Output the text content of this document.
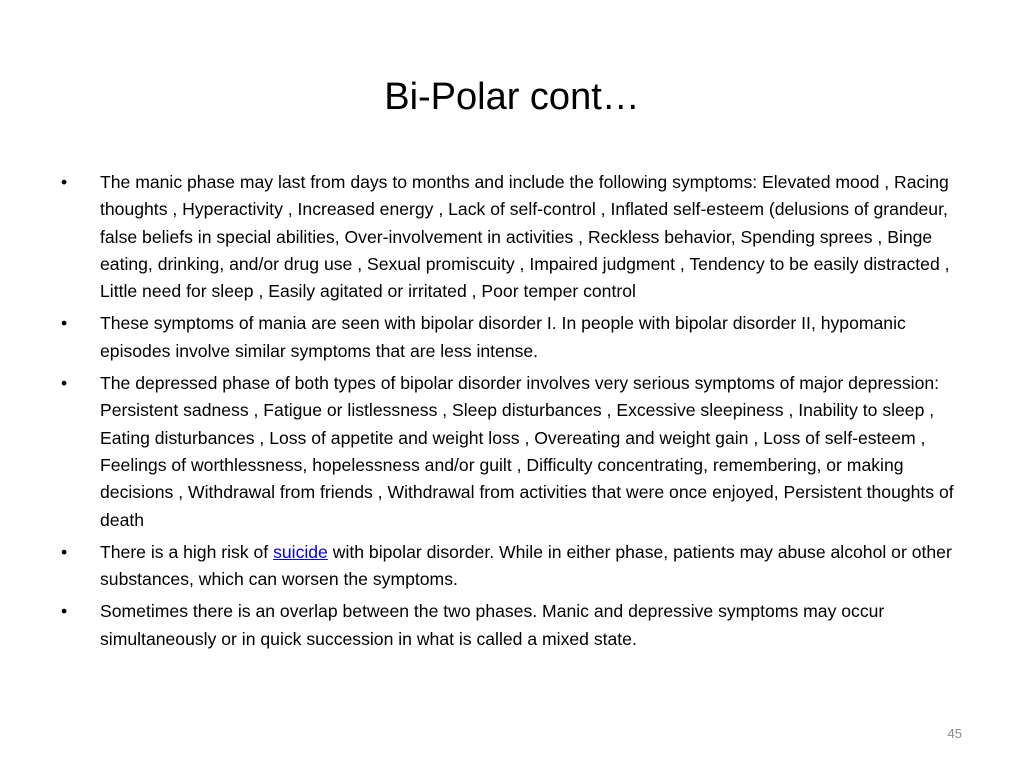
Bi-Polar cont…
• The manic phase may last from days to months and include the following symptoms: Elevated mood , Racing thoughts , Hyperactivity , Increased energy , Lack of self-control , Inflated self-esteem (delusions of grandeur, false beliefs in special abilities, Over-involvement in activities , Reckless behavior, Spending sprees , Binge eating, drinking, and/or drug use , Sexual promiscuity , Impaired judgment , Tendency to be easily distracted , Little need for sleep , Easily agitated or irritated , Poor temper control
• These symptoms of mania are seen with bipolar disorder I. In people with bipolar disorder II, hypomanic episodes involve similar symptoms that are less intense.
• The depressed phase of both types of bipolar disorder involves very serious symptoms of major depression: Persistent sadness , Fatigue or listlessness , Sleep disturbances , Excessive sleepiness , Inability to sleep , Eating disturbances , Loss of appetite and weight loss , Overeating and weight gain , Loss of self-esteem , Feelings of worthlessness, hopelessness and/or guilt , Difficulty concentrating, remembering, or making decisions , Withdrawal from friends , Withdrawal from activities that were once enjoyed, Persistent thoughts of death
• There is a high risk of suicide with bipolar disorder. While in either phase, patients may abuse alcohol or other substances, which can worsen the symptoms.
• Sometimes there is an overlap between the two phases. Manic and depressive symptoms may occur simultaneously or in quick succession in what is called a mixed state.
45
